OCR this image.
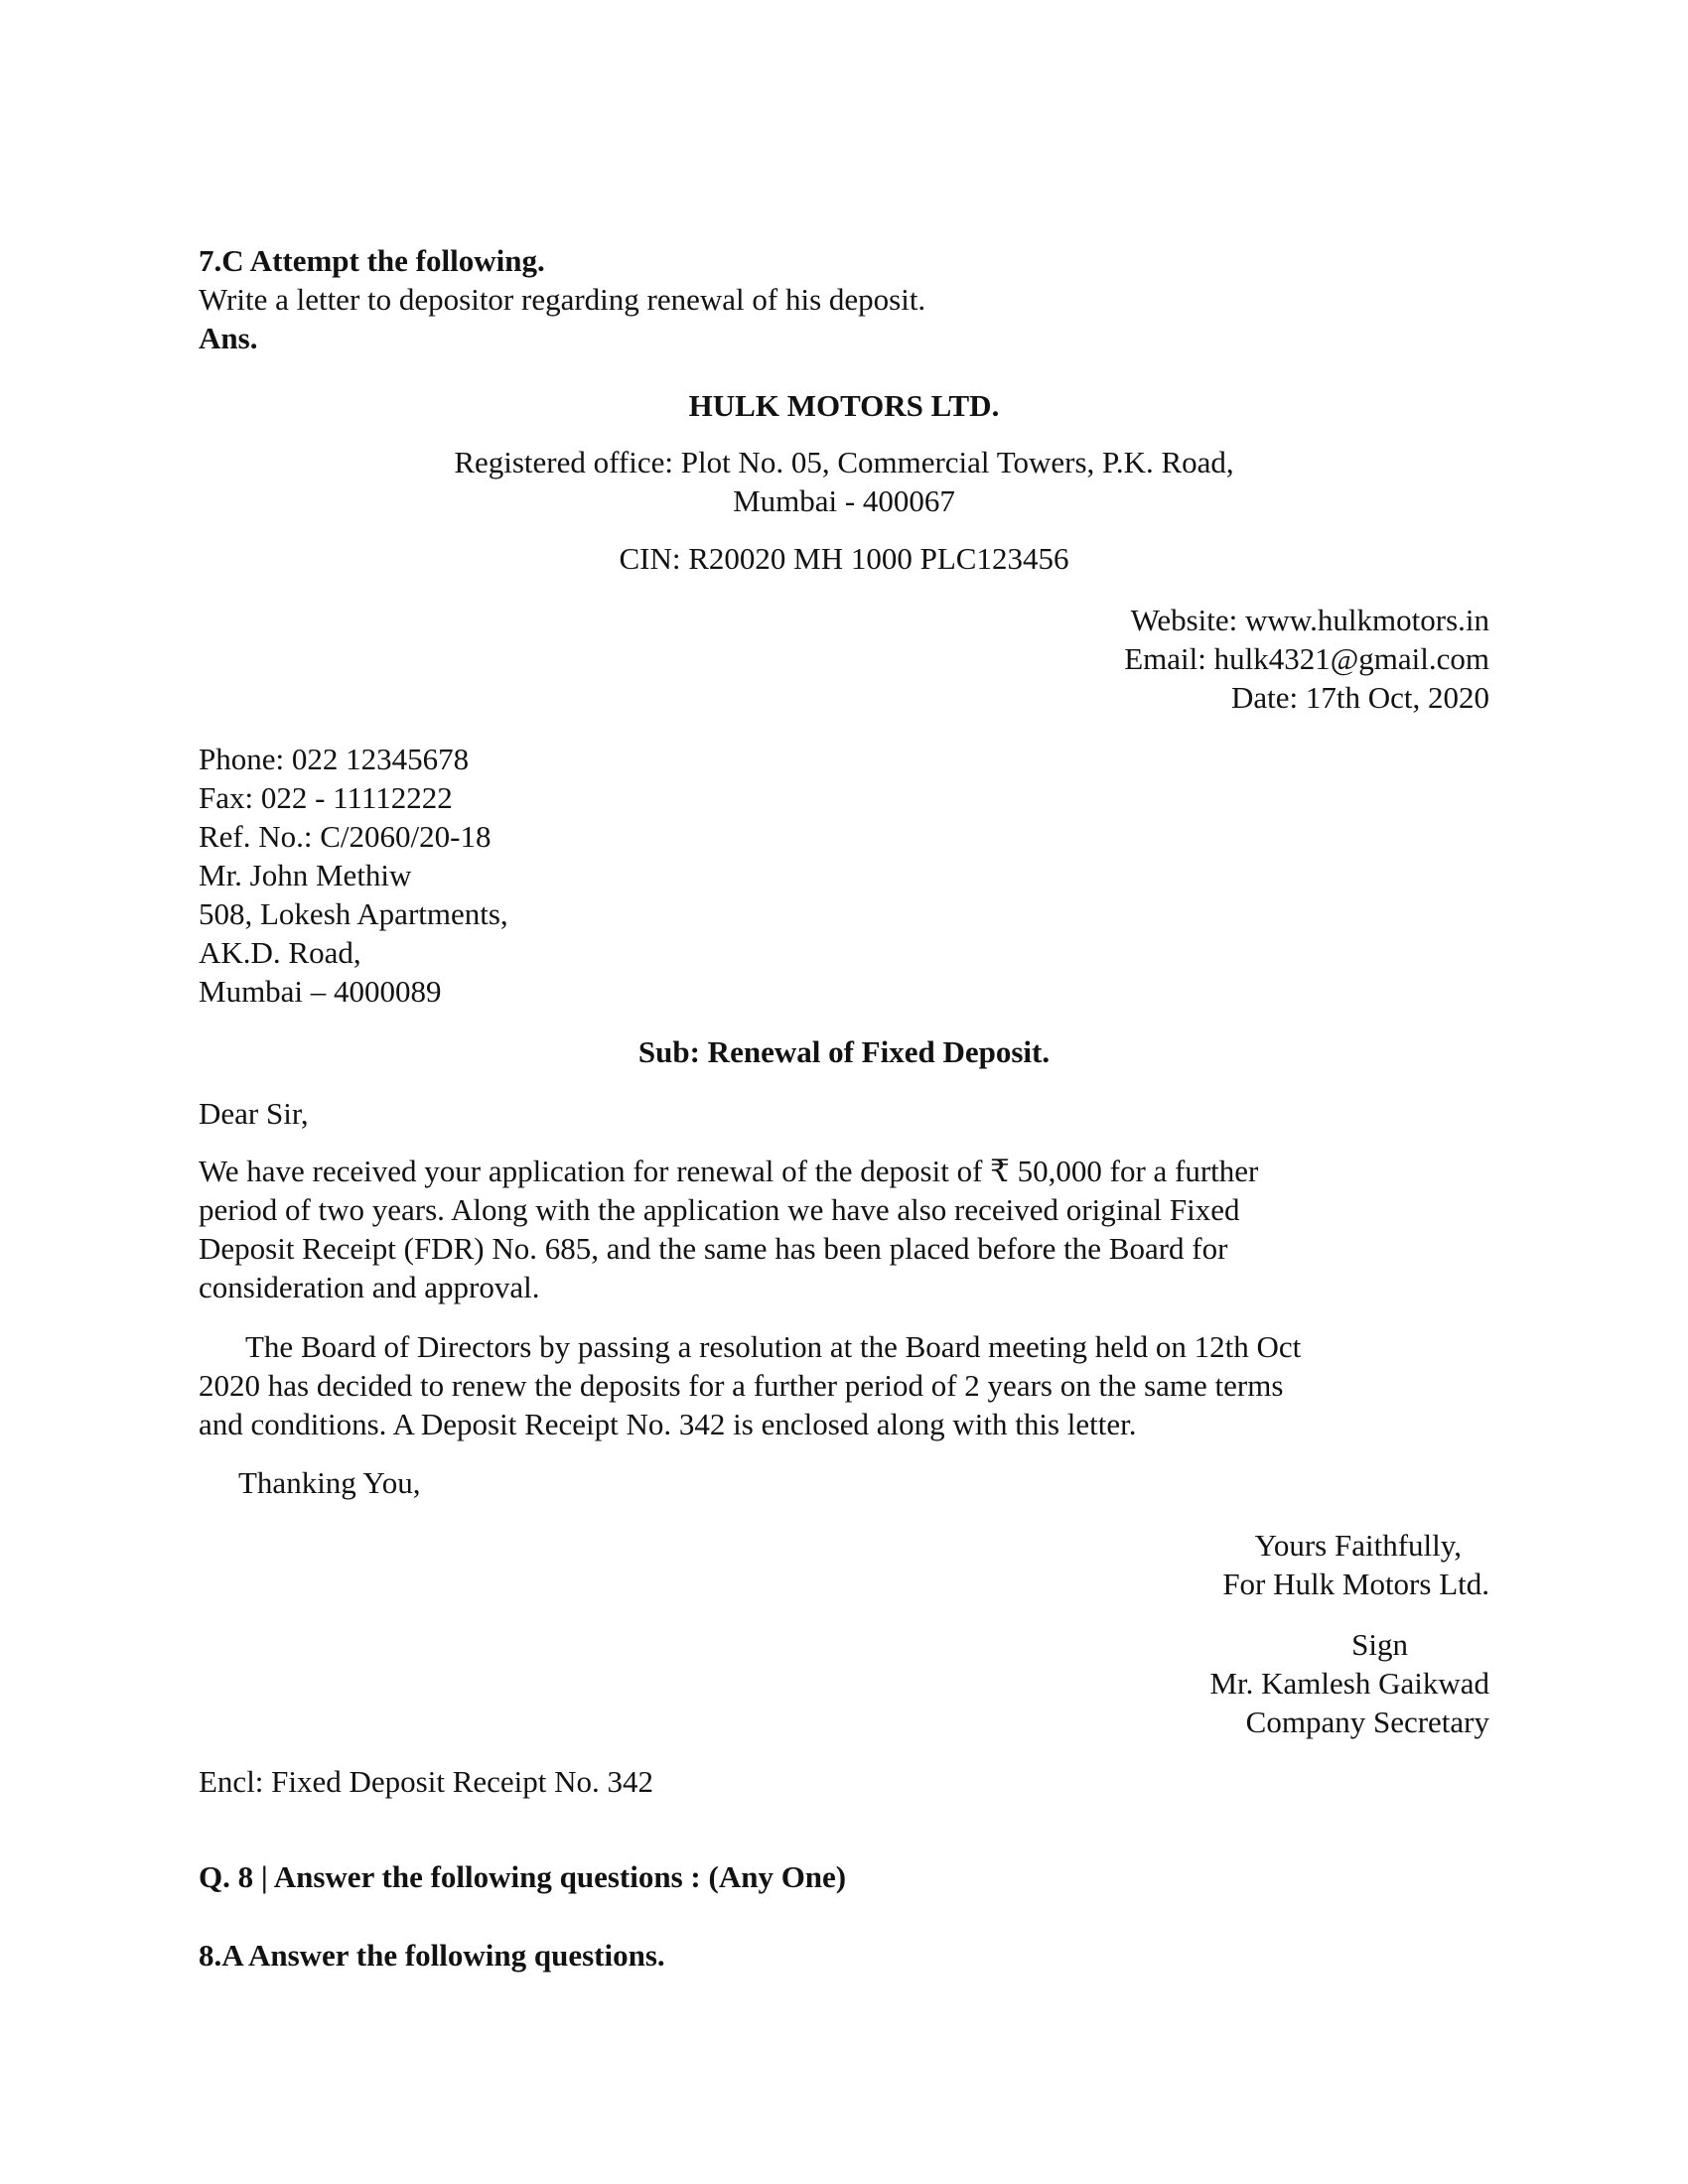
7.C Attempt the following.
Write a letter to depositor regarding renewal of his deposit.
Ans.
HULK MOTORS LTD.
Registered office: Plot No. 05, Commercial Towers, P.K. Road,
Mumbai - 400067
CIN: R20020 MH 1000 PLC123456
Website: www.hulkmotors.in
Email: hulk4321@gmail.com
Date: 17th Oct, 2020
Phone: 022 12345678
Fax: 022 - 11112222
Ref. No.: C/2060/20-18
Mr. John Methiw
508, Lokesh Apartments,
AK.D. Road,
Mumbai – 4000089
Sub: Renewal of Fixed Deposit.
Dear Sir,
We have received your application for renewal of the deposit of ₹ 50,000 for a further
period of two years. Along with the application we have also received original Fixed
Deposit Receipt (FDR) No. 685, and the same has been placed before the Board for
consideration and approval.
The Board of Directors by passing a resolution at the Board meeting held on 12th Oct
2020 has decided to renew the deposits for a further period of 2 years on the same terms
and conditions. A Deposit Receipt No. 342 is enclosed along with this letter.
Thanking You,
Yours Faithfully,
For Hulk Motors Ltd.
Sign
Mr. Kamlesh Gaikwad
Company Secretary
Encl: Fixed Deposit Receipt No. 342
Q. 8 | Answer the following questions : (Any One)
8.A Answer the following questions.
